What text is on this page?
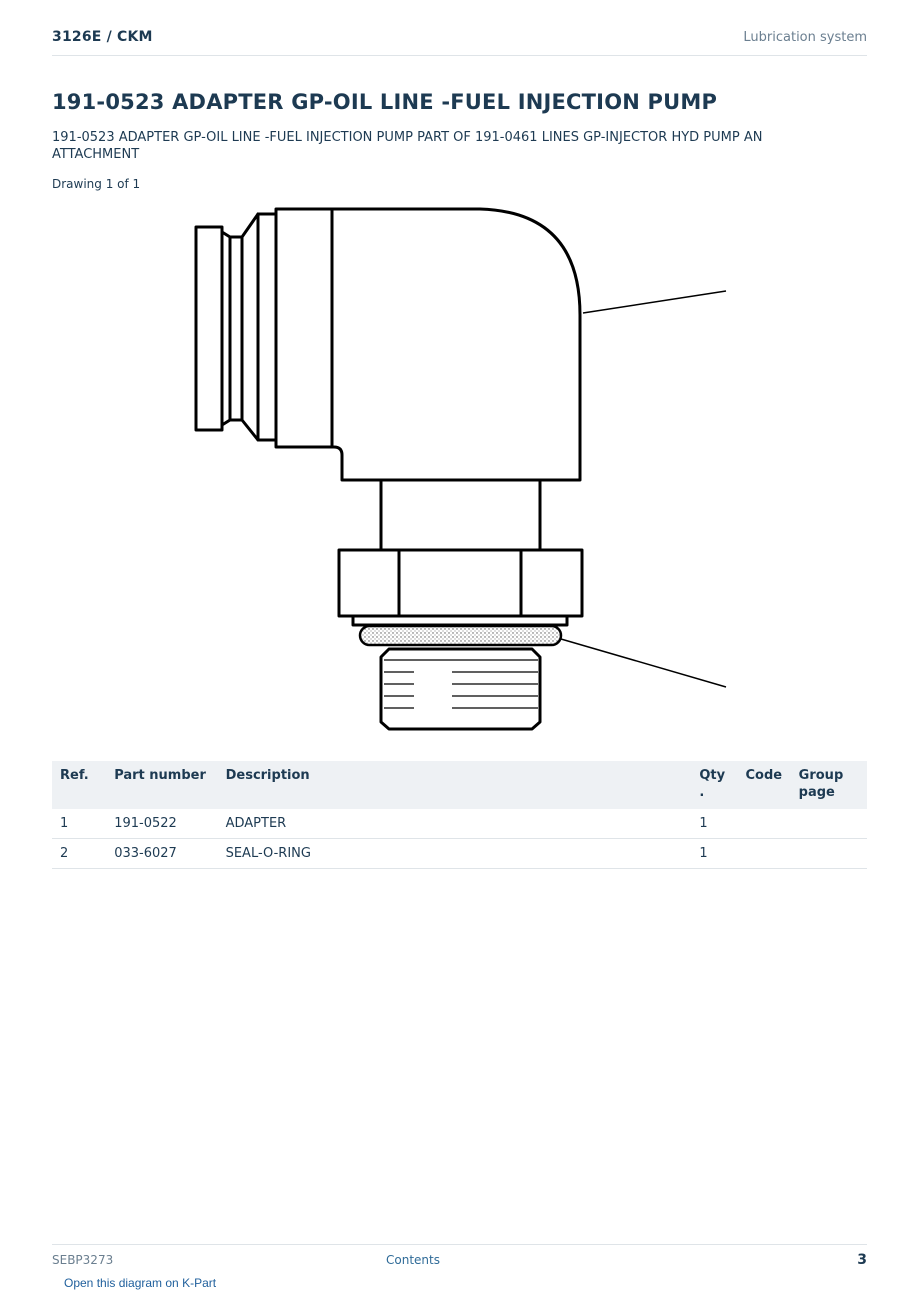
3126E / CKM	Lubrication system
191-0523 ADAPTER GP-OIL LINE -FUEL INJECTION PUMP

191-0523 ADAPTER GP-OIL LINE -FUEL INJECTION PUMP PART OF 191-0461 LINES GP-INJECTOR HYD PUMP AN ATTACHMENT

Drawing 1 of 1
Ref.	Part number	Description	Qty .	Code	Group page
1	191-0522	ADAPTER	1		
2	033-6027	SEAL-O-RING	1		
SEBP3273	Contents	3
Open this diagram on K-Part
